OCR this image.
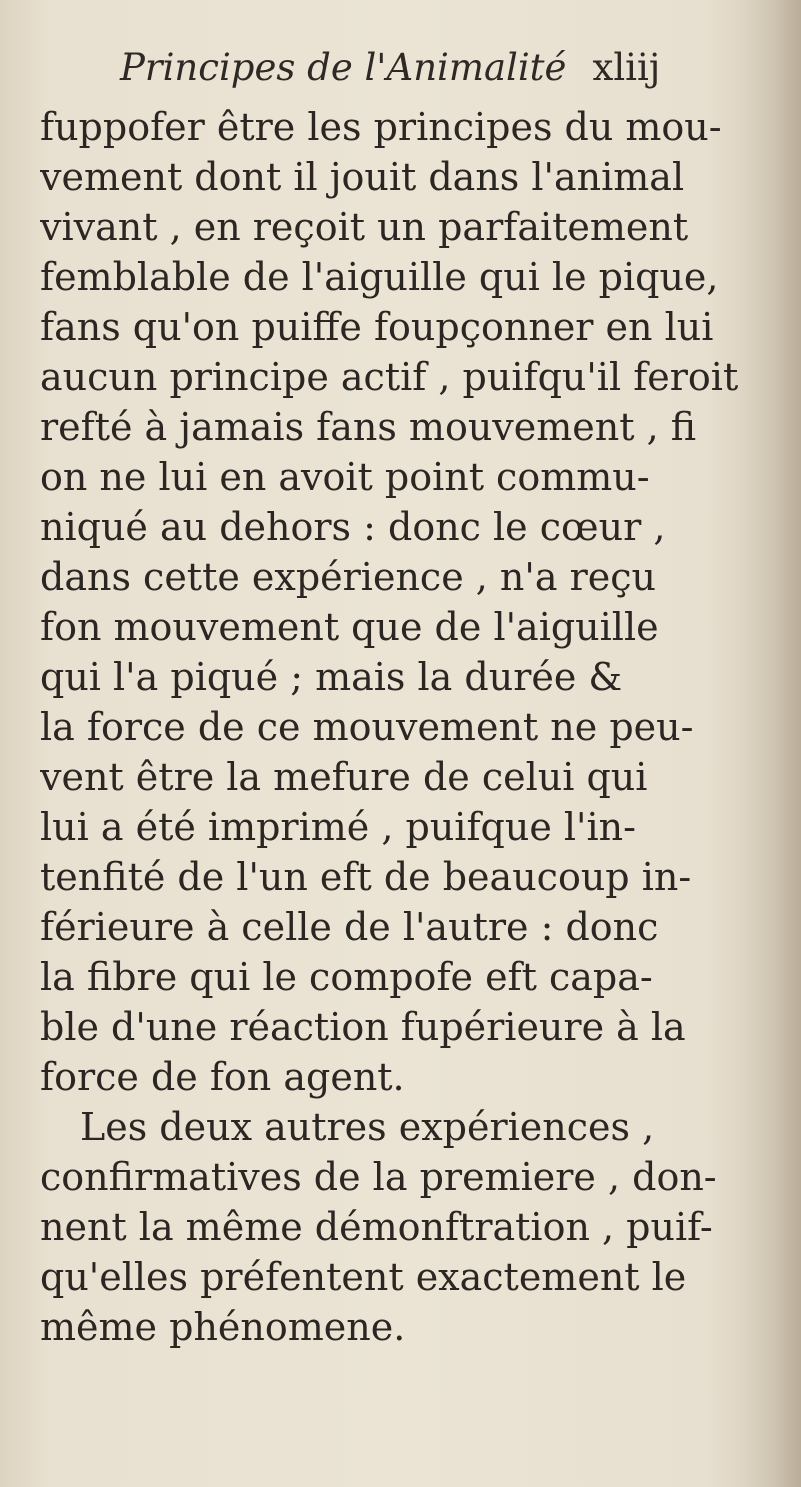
Principes de l'Animalité xliij
fuppofer être les principes du mou-
vement dont il jouit dans l'animal
vivant , en reçoit un parfaitement
femblable de l'aiguille qui le pique,
fans qu'on puiffe foupçonner en lui
aucun principe actif , puifqu'il feroit
refté à jamais fans mouvement , fi
on ne lui en avoit point commu-
niqué au dehors : donc le cœur ,
dans cette expérience , n'a reçu
fon mouvement que de l'aiguille
qui l'a piqué ; mais la durée &
la force de ce mouvement ne peu-
vent être la mefure de celui qui
lui a été imprimé , puifque l'in-
tenfité de l'un eft de beaucoup in-
férieure à celle de l'autre : donc
la fibre qui le compofe eft capa-
ble d'une réaction fupérieure à la
force de fon agent.
Les deux autres expériences ,
confirmatives de la premiere , don-
nent la même démonftration , puif-
qu'elles préfentent exactement le
même phénomene.
